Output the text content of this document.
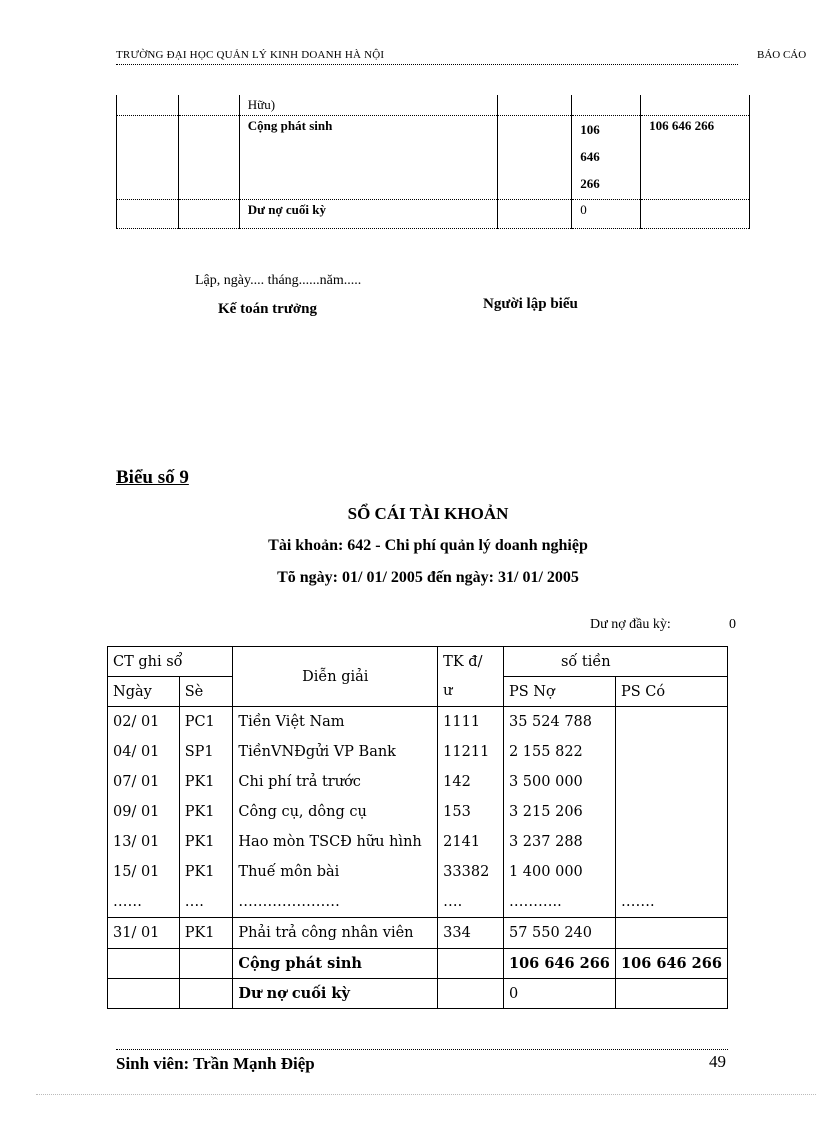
TRƯỜNG ĐẠI HỌC QUẢN LÝ KINH DOANH HÀ NỘI	BÁO CÁO
		Hữu)			
		Cộng phát sinh		106
646
266	106 646 266
		Dư nợ cuối kỳ		0	
Lập, ngày.... tháng......năm.....
Kế toán trưởng	Người lập biểu
Biểu số 9
SỔ CÁI TÀI KHOẢN
Tài khoản: 642 - Chi phí quản lý doanh nghiệp
Tõ ngày: 01/ 01/ 2005 đến ngày: 31/ 01/ 2005
Dư nợ đầu kỳ:	0
CT ghi sổ		Diễn giải	TK đ/	số tiền	
Ngày	Sè		ư	PS Nợ	PS Có
02/ 01	PC1	Tiền Việt Nam	1111	35 524 788	
04/ 01	SP1	TiềnVNĐgửi VP Bank	11211	2 155 822	
07/ 01	PK1	Chi phí trả trước	142	3 500 000	
09/ 01	PK1	Công cụ, dông cụ	153	3 215 206	
13/ 01	PK1	Hao mòn TSCĐ hữu hình	2141	3 237 288	
15/ 01	PK1	Thuế môn bài	33382	1 400 000	
……	….	…………………	….	………..	…….
31/ 01	PK1	Phải trả công nhân viên	334	57 550 240	
		Cộng phát sinh		106 646 266	106 646 266
		Dư nợ cuối kỳ		0	
Sinh viên: Trần Mạnh Điệp	49
